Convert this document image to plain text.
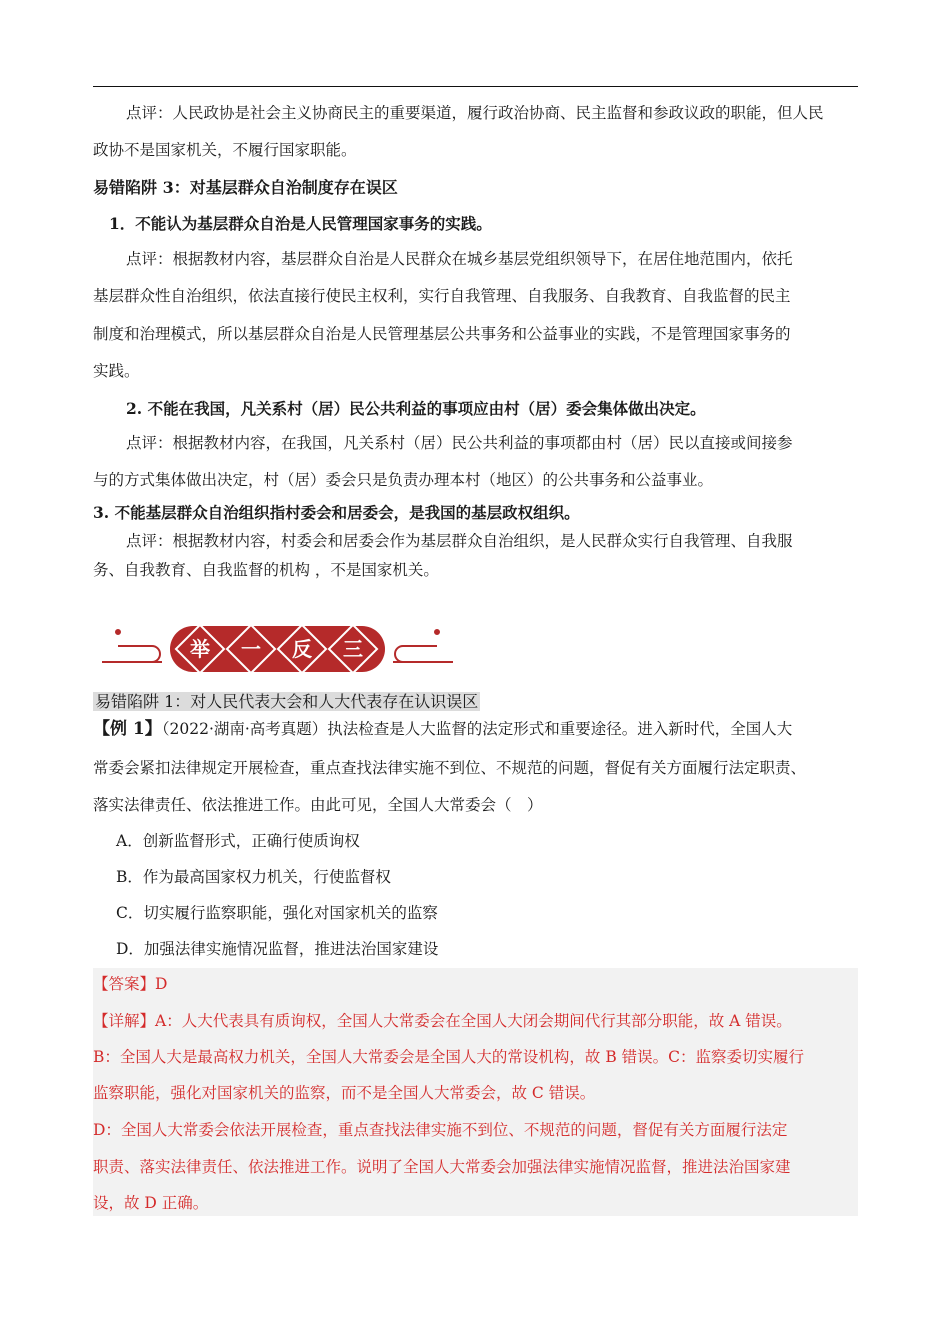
点评：人民政协是社会主义协商民主的重要渠道，履行政治协商、民主监督和参政议政的职能，但人民
政协不是国家机关，不履行国家职能。
易错陷阱 3：对基层群众自治制度存在误区
1．不能认为基层群众自治是人民管理国家事务的实践。
点评：根据教材内容，基层群众自治是人民群众在城乡基层党组织领导下，在居住地范围内，依托
基层群众性自治组织，依法直接行使民主权利，实行自我管理、自我服务、自我教育、自我监督的民主
制度和治理模式，所以基层群众自治是人民管理基层公共事务和公益事业的实践，不是管理国家事务的
实践。
2. 不能在我国，凡关系村（居）民公共利益的事项应由村（居）委会集体做出决定。
点评：根据教材内容，在我国，凡关系村（居）民公共利益的事项都由村（居）民以直接或间接参
与的方式集体做出决定，村（居）委会只是负责办理本村（地区）的公共事务和公益事业。
3. 不能基层群众自治组织指村委会和居委会，是我国的基层政权组织。
点评：根据教材内容，村委会和居委会作为基层群众自治组织，是人民群众实行自我管理、自我服
务、自我教育、自我监督的机构 ，不是国家机关。
易错陷阱 1：对人民代表大会和人大代表存在认识误区
【例 1】（2022·湖南·高考真题）执法检查是人大监督的法定形式和重要途径。进入新时代，全国人大
常委会紧扣法律规定开展检查，重点查找法律实施不到位、不规范的问题，督促有关方面履行法定职责、
落实法律责任、依法推进工作。由此可见，全国人大常委会（　）
A．创新监督形式，正确行使质询权
B．作为最高国家权力机关，行使监督权
C．切实履行监察职能，强化对国家机关的监察
D．加强法律实施情况监督，推进法治国家建设
【答案】D
【详解】A：人大代表具有质询权，全国人大常委会在全国人大闭会期间代行其部分职能，故 A 错误。
B：全国人大是最高权力机关，全国人大常委会是全国人大的常设机构，故 B 错误。C：监察委切实履行
监察职能，强化对国家机关的监察，而不是全国人大常委会，故 C 错误。
D：全国人大常委会依法开展检查，重点查找法律实施不到位、不规范的问题，督促有关方面履行法定
职责、落实法律责任、依法推进工作。说明了全国人大常委会加强法律实施情况监督，推进法治国家建
设，故 D 正确。
举 一 反 三
